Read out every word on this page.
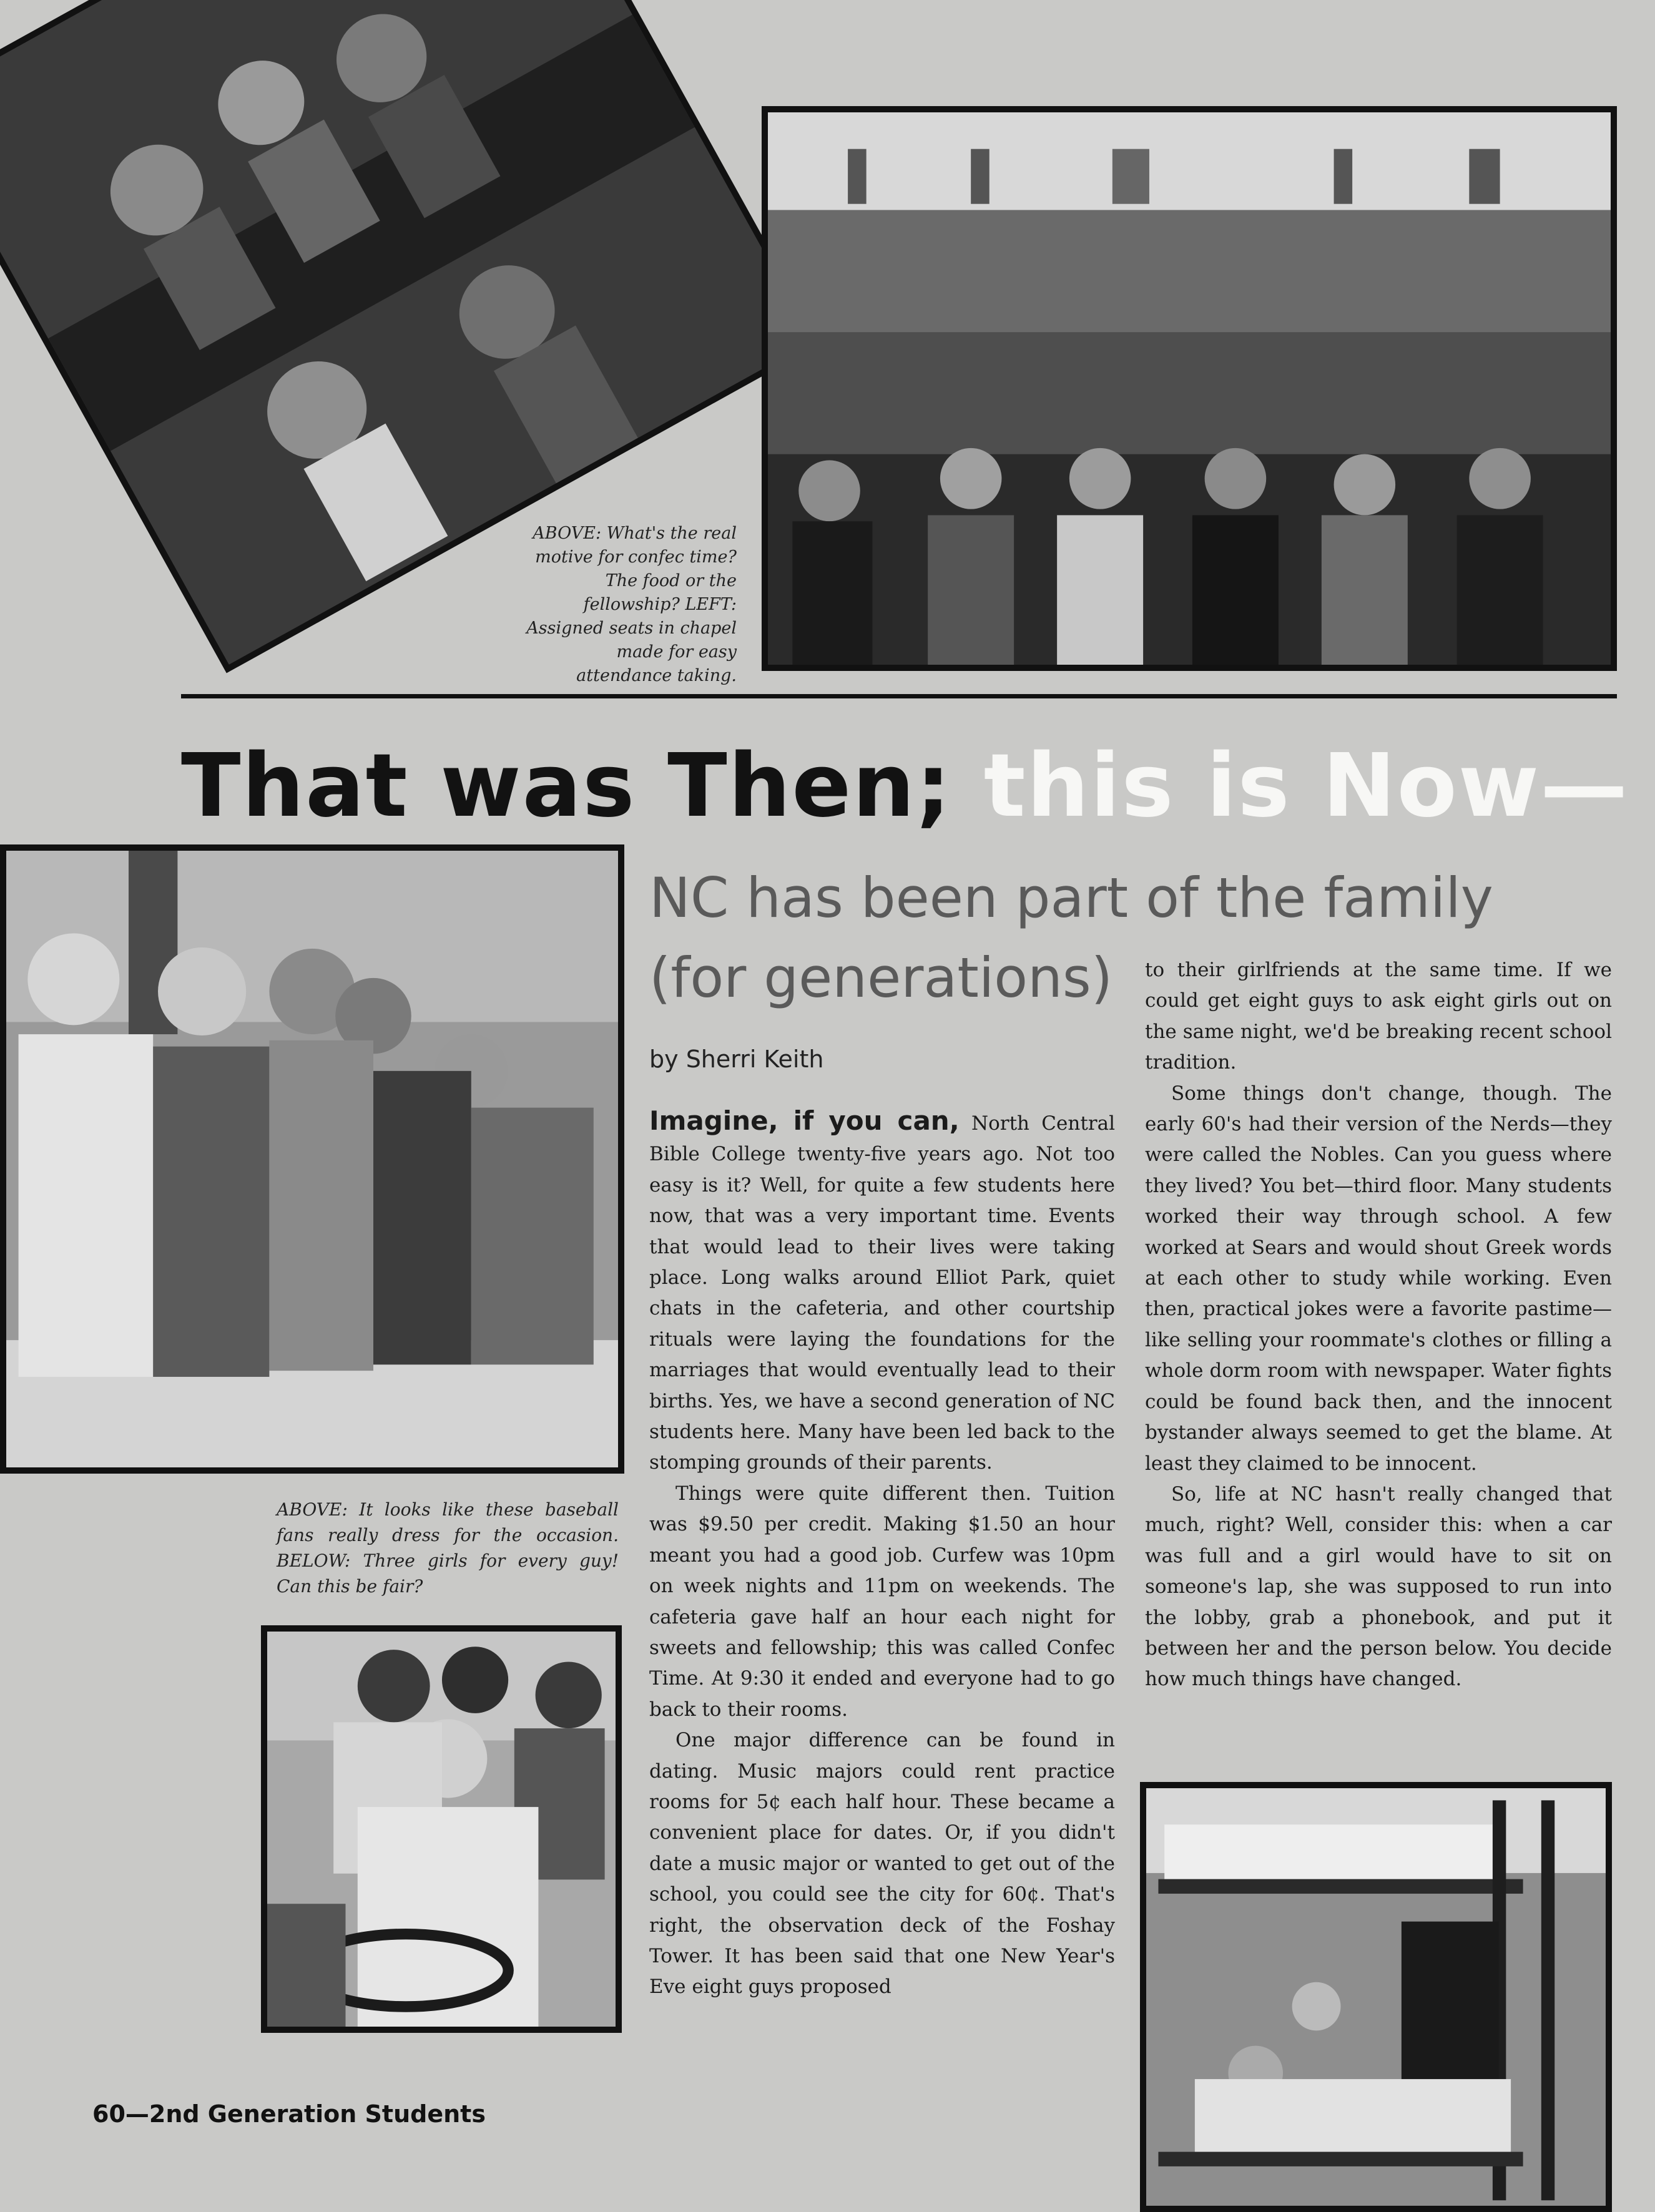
ABOVE: What's the real motive for confec time? The food or the fellowship? LEFT: Assigned seats in chapel made for easy attendance taking.
That was Then; this is Now—
ABOVE: It looks like these baseball fans really dress for the occasion. BELOW: Three girls for every guy! Can this be fair?
NC has been part of the family (for generations)
by Sherri Keith

Imagine, if you can, North Central Bible College twenty-five years ago. Not too easy is it? Well, for quite a few students here now, that was a very important time. Events that would lead to their lives were taking place. Long walks around Elliot Park, quiet chats in the cafeteria, and other courtship rituals were laying the foundations for the marriages that would eventually lead to their births. Yes, we have a second generation of NC students here. Many have been led back to the stomping grounds of their parents.

Things were quite different then. Tuition was $9.50 per credit. Making $1.50 an hour meant you had a good job. Curfew was 10pm on week nights and 11pm on weekends. The cafeteria gave half an hour each night for sweets and fellowship; this was called Confec Time. At 9:30 it ended and everyone had to go back to their rooms.

One major difference can be found in dating. Music majors could rent practice rooms for 5¢ each half hour. These became a convenient place for dates. Or, if you didn't date a music major or wanted to get out of the school, you could see the city for 60¢. That's right, the observation deck of the Foshay Tower. It has been said that one New Year's Eve eight guys proposed

to their girlfriends at the same time. If we could get eight guys to ask eight girls out on the same night, we'd be breaking recent school tradition.

Some things don't change, though. The early 60's had their version of the Nerds—they were called the Nobles. Can you guess where they lived? You bet—third floor. Many students worked their way through school. A few worked at Sears and would shout Greek words at each other to study while working. Even then, practical jokes were a favorite pastime—like selling your roommate's clothes or filling a whole dorm room with newspaper. Water fights could be found back then, and the innocent bystander always seemed to get the blame. At least they claimed to be innocent.

So, life at NC hasn't really changed that much, right? Well, consider this: when a car was full and a girl would have to sit on someone's lap, she was supposed to run into the lobby, grab a phonebook, and put it between her and the person below. You decide how much things have changed.

60—2nd Generation Students
